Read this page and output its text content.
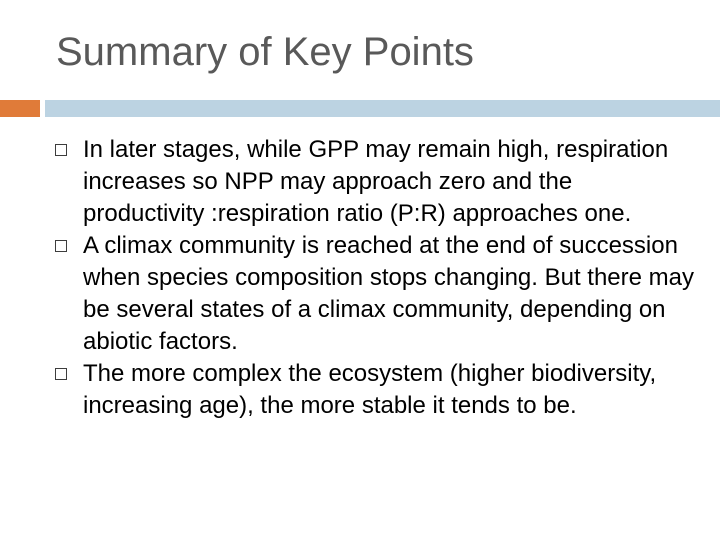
Summary of Key Points
In later stages, while GPP may remain high, respiration increases so NPP may approach zero and the productivity :respiration ratio (P:R) approaches one.
A climax community is reached at the end of succession when species composition stops changing. But there may be several states of a climax community, depending on abiotic factors.
The more complex the ecosystem (higher biodiversity, increasing age), the more stable it tends to be.
